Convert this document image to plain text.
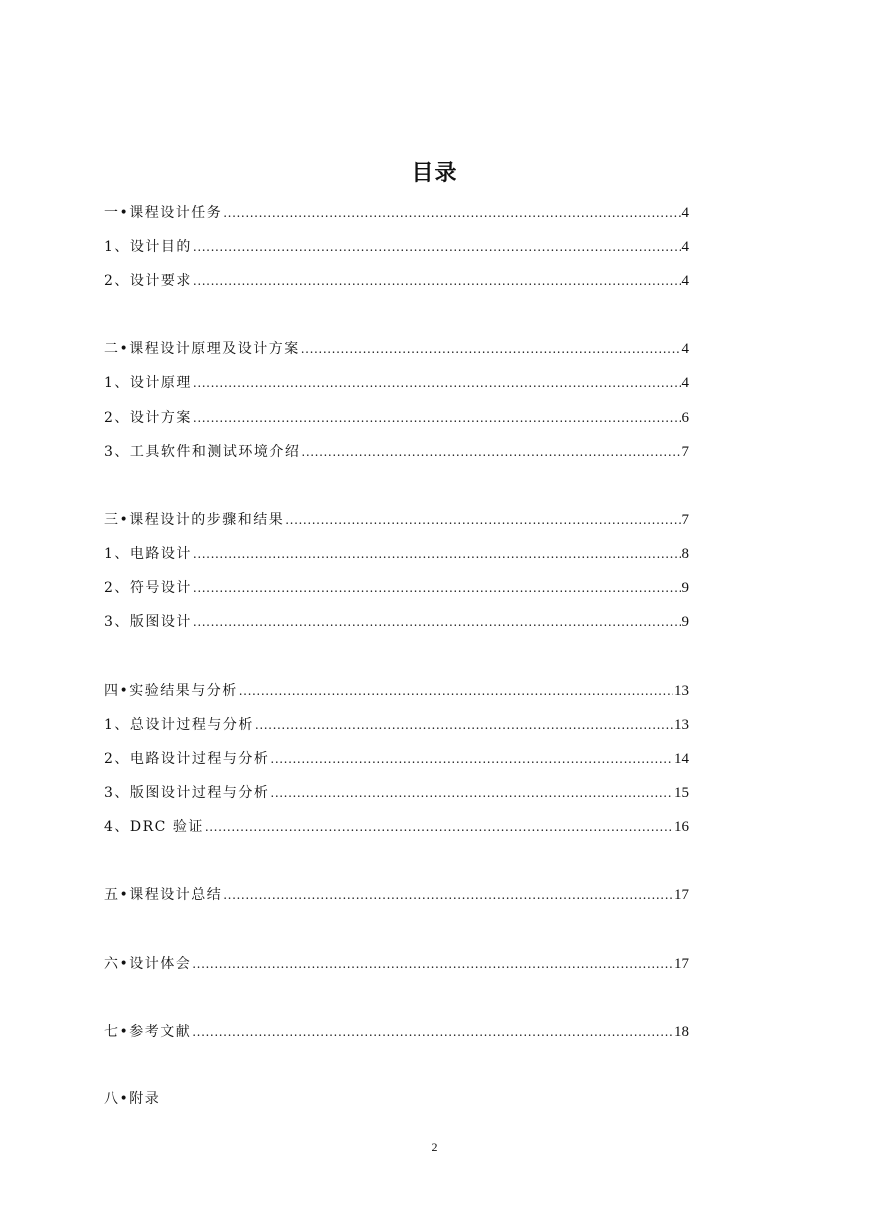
目录
一•课程设计任务 .....	4
1、设计目的 .....	4
2、设计要求 .....	4
二•课程设计原理及设计方案 .....	4
1、设计原理 .....	4
2、设计方案 .....	6
3、工具软件和测试环境介绍 .....	7
三•课程设计的步骤和结果 .....	7
1、电路设计 .....	8
2、符号设计 .....	9
3、版图设计 .....	9
四•实验结果与分析 .....	13
1、总设计过程与分析 .....	13
2、电路设计过程与分析 .....	14
3、版图设计过程与分析 .....	15
4、DRC 验证 .....	16
五•课程设计总结 .....	17
六•设计体会 .....	17
七•参考文献 .....	18
八•附录
2
